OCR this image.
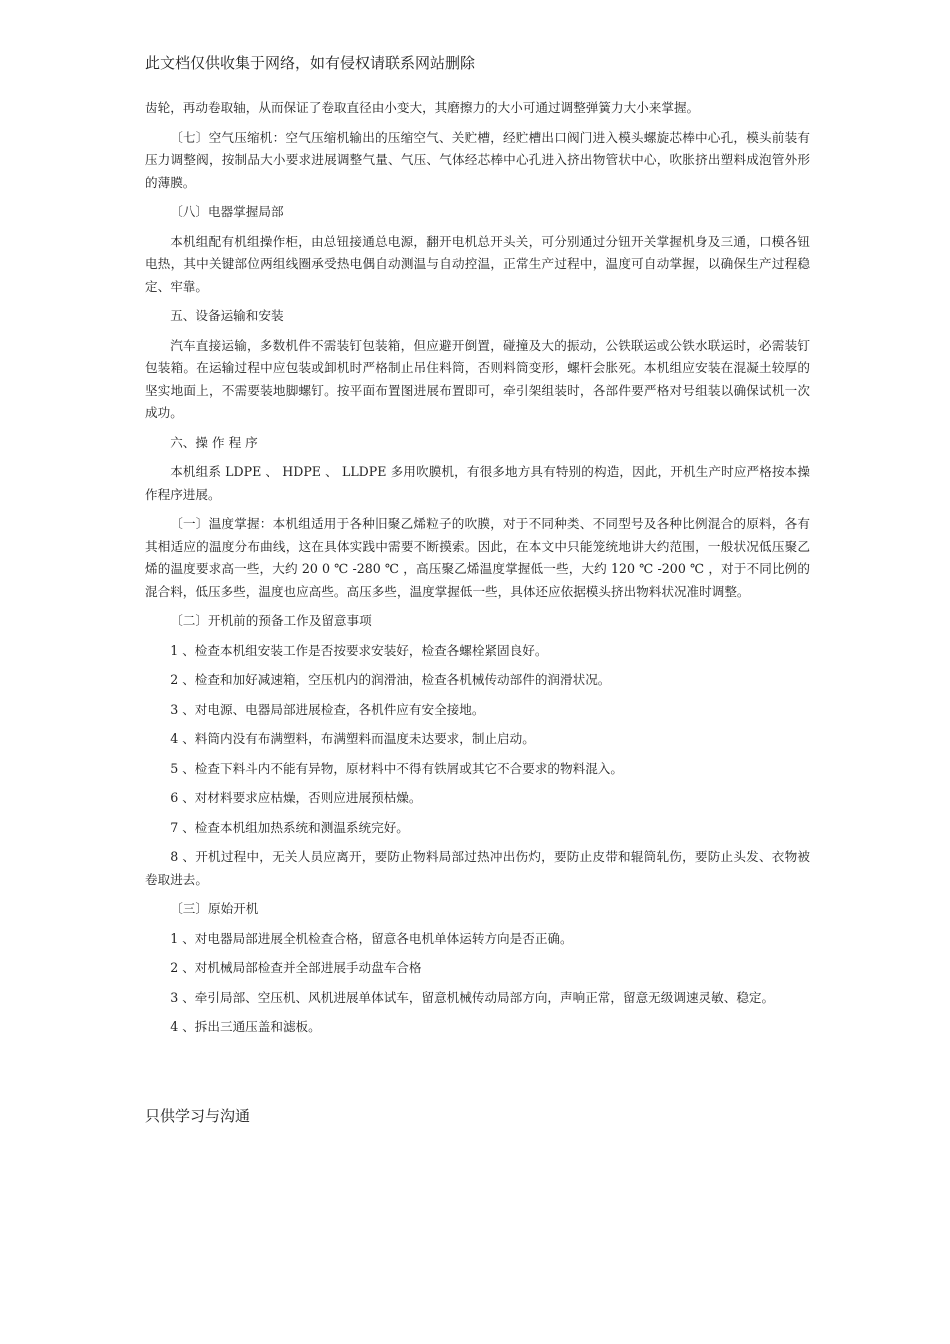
此文档仅供收集于网络，如有侵权请联系网站删除

齿轮，再动卷取轴，从而保证了卷取直径由小变大，其磨擦力的大小可通过调整弹簧力大小来掌握。

〔七〕空气压缩机：空气压缩机输出的压缩空气、关贮槽，经贮槽出口阀门进入模头螺旋芯棒中心孔，模头前装有压力调整阀，按制品大小要求进展调整气量、气压、气体经芯棒中心孔进入挤出物管状中心，吹胀挤出塑料成泡管外形的薄膜。

〔八〕电器掌握局部

本机组配有机组操作柜，由总钮接通总电源，翻开电机总开头关，可分别通过分钮开关掌握机身及三通，口模各钮电热，其中关键部位两组线圈承受热电偶自动测温与自动控温，正常生产过程中，温度可自动掌握，以确保生产过程稳定、牢靠。

五、设备运输和安装

汽车直接运输，多数机件不需装钉包装箱，但应避开倒置，碰撞及大的振动，公铁联运或公铁水联运时，必需装钉包装箱。在运输过程中应包装或卸机时严格制止吊住料筒，否则料筒变形，螺杆会胀死。本机组应安装在混凝土较厚的坚实地面上，不需要装地脚螺钉。按平面布置图进展布置即可，牵引架组装时，各部件要严格对号组装以确保试机一次成功。

六、操 作 程 序

本机组系 LDPE 、 HDPE 、 LLDPE 多用吹膜机，有很多地方具有特别的构造，因此，开机生产时应严格按本操作程序进展。

〔一〕温度掌握：本机组适用于各种旧聚乙烯粒子的吹膜，对于不同种类、不同型号及各种比例混合的原料，各有其相适应的温度分布曲线，这在具体实践中需要不断摸索。因此，在本文中只能笼统地讲大约范围，一般状况低压聚乙烯的温度要求高一些，大约 20 0 ℃ -280 ℃ ，高压聚乙烯温度掌握低一些，大约 120 ℃ -200 ℃ ，对于不同比例的混合料，低压多些，温度也应高些。高压多些，温度掌握低一些，具体还应依据模头挤出物料状况准时调整。

〔二〕开机前的预备工作及留意事项

1 、检查本机组安装工作是否按要求安装好，检查各螺栓紧固良好。

2 、检查和加好减速箱，空压机内的润滑油，检查各机械传动部件的润滑状况。

3 、对电源、电器局部进展检查，各机件应有安全接地。

4 、料筒内没有布满塑料，布满塑料而温度未达要求，制止启动。

5 、检查下料斗内不能有异物，原材料中不得有铁屑或其它不合要求的物料混入。

6 、对材料要求应枯燥，否则应进展预枯燥。

7 、检查本机组加热系统和测温系统完好。

8 、开机过程中，无关人员应离开，要防止物料局部过热冲出伤灼，要防止皮带和辊筒轧伤，要防止头发、衣物被卷取进去。

〔三〕原始开机

1 、对电器局部进展全机检查合格，留意各电机单体运转方向是否正确。

2 、对机械局部检查并全部进展手动盘车合格

3 、牵引局部、空压机、风机进展单体试车，留意机械传动局部方向，声响正常，留意无级调速灵敏、稳定。

4 、拆出三通压盖和滤板。

只供学习与沟通
